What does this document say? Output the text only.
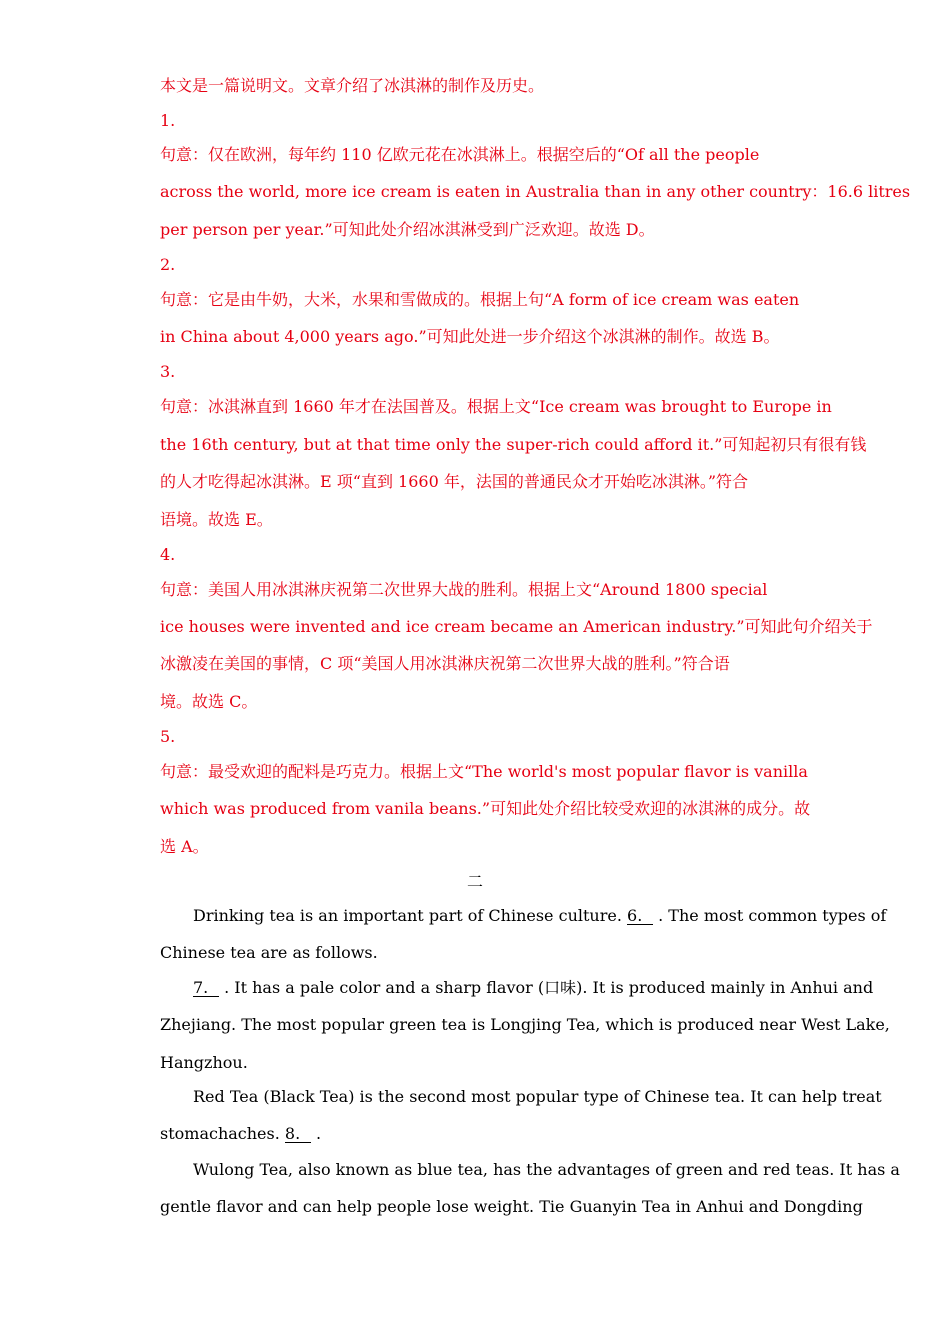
本文是一篇说明文。文章介绍了冰淇淋的制作及历史。
1.
句意：仅在欧洲，每年约 110 亿欧元花在冰淇淋上。根据空后的“Of all the people
across the world, more ice cream is eaten in Australia than in any other country：16.6 litres
per person per year.”可知此处介绍冰淇淋受到广泛欢迎。故选 D。
2.
句意：它是由牛奶，大米，水果和雪做成的。根据上句“A form of ice cream was eaten
in China about 4,000 years ago.”可知此处进一步介绍这个冰淇淋的制作。故选 B。
3.
句意：冰淇淋直到 1660 年才在法国普及。根据上文“Ice cream was brought to Europe in
the 16th century, but at that time only the super-rich could afford it.”可知起初只有很有钱
的人才吃得起冰淇淋。E 项“直到 1660 年，法国的普通民众才开始吃冰淇淋。”符合
语境。故选 E。
4.
句意：美国人用冰淇淋庆祝第二次世界大战的胜利。根据上文“Around 1800 special
ice houses were invented and ice cream became an American industry.”可知此句介绍关于
冰激凌在美国的事情，C 项“美国人用冰淇淋庆祝第二次世界大战的胜利。”符合语
境。故选 C。
5.
句意：最受欢迎的配料是巧克力。根据上文“The world's most popular flavor is vanilla
which was produced from vanila beans.”可知此处介绍比较受欢迎的冰淇淋的成分。故
选 A。
二
Drinking tea is an important part of Chinese culture. 6. . The most common types of
Chinese tea are as follows.
7. . It has a pale color and a sharp flavor (口味). It is produced mainly in Anhui and
Zhejiang. The most popular green tea is Longjing Tea, which is produced near West Lake,
Hangzhou.
Red Tea (Black Tea) is the second most popular type of Chinese tea. It can help treat
stomachaches. 8. .
Wulong Tea, also known as blue tea, has the advantages of green and red teas. It has a
gentle flavor and can help people lose weight. Tie Guanyin Tea in Anhui and Dongding
